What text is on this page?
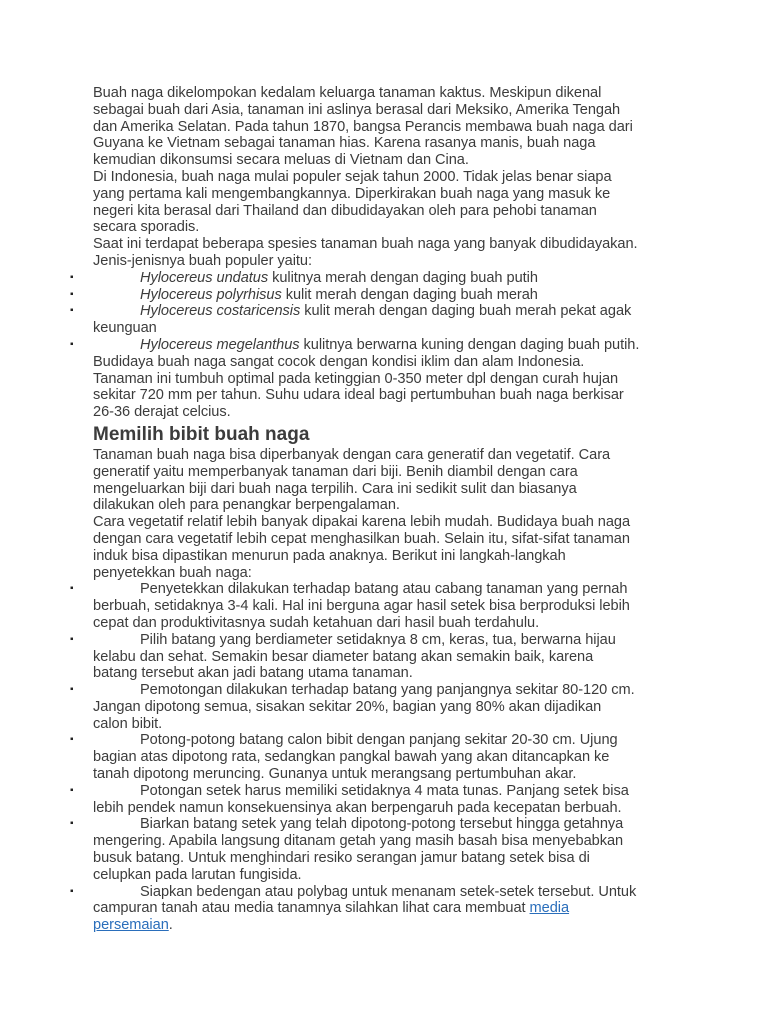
Buah naga dikelompokan kedalam keluarga tanaman kaktus. Meskipun dikenal
sebagai buah dari Asia, tanaman ini aslinya berasal dari Meksiko, Amerika Tengah
dan Amerika Selatan. Pada tahun 1870, bangsa Perancis membawa buah naga dari
Guyana ke Vietnam sebagai tanaman hias. Karena rasanya manis, buah naga
kemudian dikonsumsi secara meluas di Vietnam dan Cina.
Di Indonesia, buah naga mulai populer sejak tahun 2000. Tidak jelas benar siapa
yang pertama kali mengembangkannya. Diperkirakan buah naga yang masuk ke
negeri kita berasal dari Thailand dan dibudidayakan oleh para pehobi tanaman
secara sporadis.
Saat ini terdapat beberapa spesies tanaman buah naga yang banyak dibudidayakan.
Jenis-jenisnya buah populer yaitu:
▪	Hylocereus undatus kulitnya merah dengan daging buah putih
▪	Hylocereus polyrhisus kulit merah dengan daging buah merah
▪	Hylocereus costaricensis kulit merah dengan daging buah merah pekat agak
keunguan
▪	Hylocereus megelanthus kulitnya berwarna kuning dengan daging buah putih.
Budidaya buah naga sangat cocok dengan kondisi iklim dan alam Indonesia.
Tanaman ini tumbuh optimal pada ketinggian 0-350 meter dpl dengan curah hujan
sekitar 720 mm per tahun. Suhu udara ideal bagi pertumbuhan buah naga berkisar
26-36 derajat celcius.
Memilih bibit buah naga
Tanaman buah naga bisa diperbanyak dengan cara generatif dan vegetatif. Cara
generatif yaitu memperbanyak tanaman dari biji. Benih diambil dengan cara
mengeluarkan biji dari buah naga terpilih. Cara ini sedikit sulit dan biasanya
dilakukan oleh para penangkar berpengalaman.
Cara vegetatif relatif lebih banyak dipakai karena lebih mudah. Budidaya buah naga
dengan cara vegetatif lebih cepat menghasilkan buah. Selain itu, sifat-sifat tanaman
induk bisa dipastikan menurun pada anaknya. Berikut ini langkah-langkah
penyetekkan buah naga:
▪	Penyetekkan dilakukan terhadap batang atau cabang tanaman yang pernah
berbuah, setidaknya 3-4 kali. Hal ini berguna agar hasil setek bisa berproduksi lebih
cepat dan produktivitasnya sudah ketahuan dari hasil buah terdahulu.
▪	Pilih batang yang berdiameter setidaknya 8 cm, keras, tua, berwarna hijau
kelabu dan sehat. Semakin besar diameter batang akan semakin baik, karena
batang tersebut akan jadi batang utama tanaman.
▪	Pemotongan dilakukan terhadap batang yang panjangnya sekitar 80-120 cm.
Jangan dipotong semua, sisakan sekitar 20%, bagian yang 80% akan dijadikan
calon bibit.
▪	Potong-potong batang calon bibit dengan panjang sekitar 20-30 cm. Ujung
bagian atas dipotong rata, sedangkan pangkal bawah yang akan ditancapkan ke
tanah dipotong meruncing. Gunanya untuk merangsang pertumbuhan akar.
▪	Potongan setek harus memiliki setidaknya 4 mata tunas. Panjang setek bisa
lebih pendek namun konsekuensinya akan berpengaruh pada kecepatan berbuah.
▪	Biarkan batang setek yang telah dipotong-potong tersebut hingga getahnya
mengering. Apabila langsung ditanam getah yang masih basah bisa menyebabkan
busuk batang. Untuk menghindari resiko serangan jamur batang setek bisa di
celupkan pada larutan fungisida.
▪	Siapkan bedengan atau polybag untuk menanam setek-setek tersebut. Untuk
campuran tanah atau media tanamnya silahkan lihat cara membuat media
persemaian.
